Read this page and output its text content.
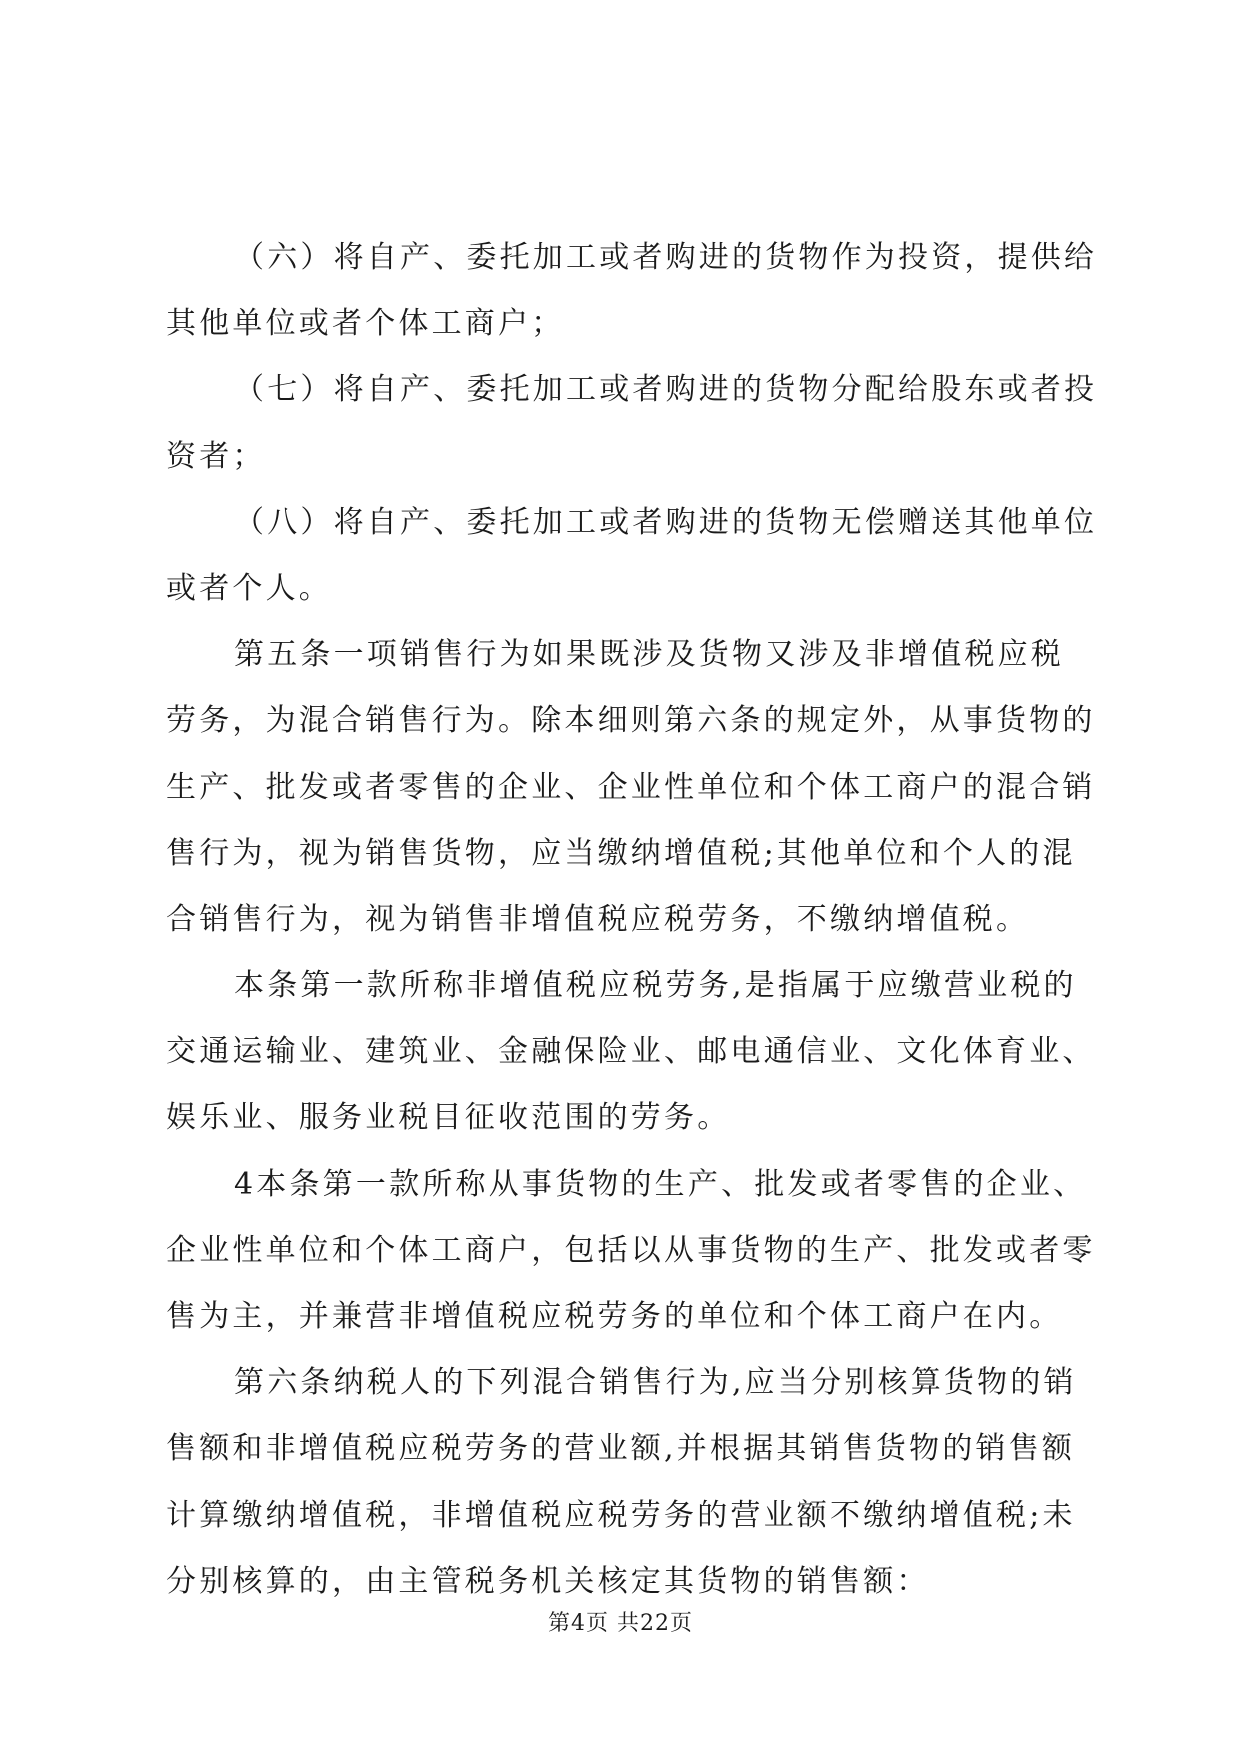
（六）将自产、委托加工或者购进的货物作为投资，提供给
其他单位或者个体工商户；
（七）将自产、委托加工或者购进的货物分配给股东或者投
资者；
（八）将自产、委托加工或者购进的货物无偿赠送其他单位
或者个人。
第五条一项销售行为如果既涉及货物又涉及非增值税应税
劳务，为混合销售行为。除本细则第六条的规定外，从事货物的
生产、批发或者零售的企业、企业性单位和个体工商户的混合销
售行为，视为销售货物，应当缴纳增值税;其他单位和个人的混
合销售行为，视为销售非增值税应税劳务，不缴纳增值税。
本条第一款所称非增值税应税劳务,是指属于应缴营业税的
交通运输业、建筑业、金融保险业、邮电通信业、文化体育业、
娱乐业、服务业税目征收范围的劳务。
4本条第一款所称从事货物的生产、批发或者零售的企业、
企业性单位和个体工商户，包括以从事货物的生产、批发或者零
售为主，并兼营非增值税应税劳务的单位和个体工商户在内。
第六条纳税人的下列混合销售行为,应当分别核算货物的销
售额和非增值税应税劳务的营业额,并根据其销售货物的销售额
计算缴纳增值税，非增值税应税劳务的营业额不缴纳增值税;未
分别核算的，由主管税务机关核定其货物的销售额：
第4页 共22页
